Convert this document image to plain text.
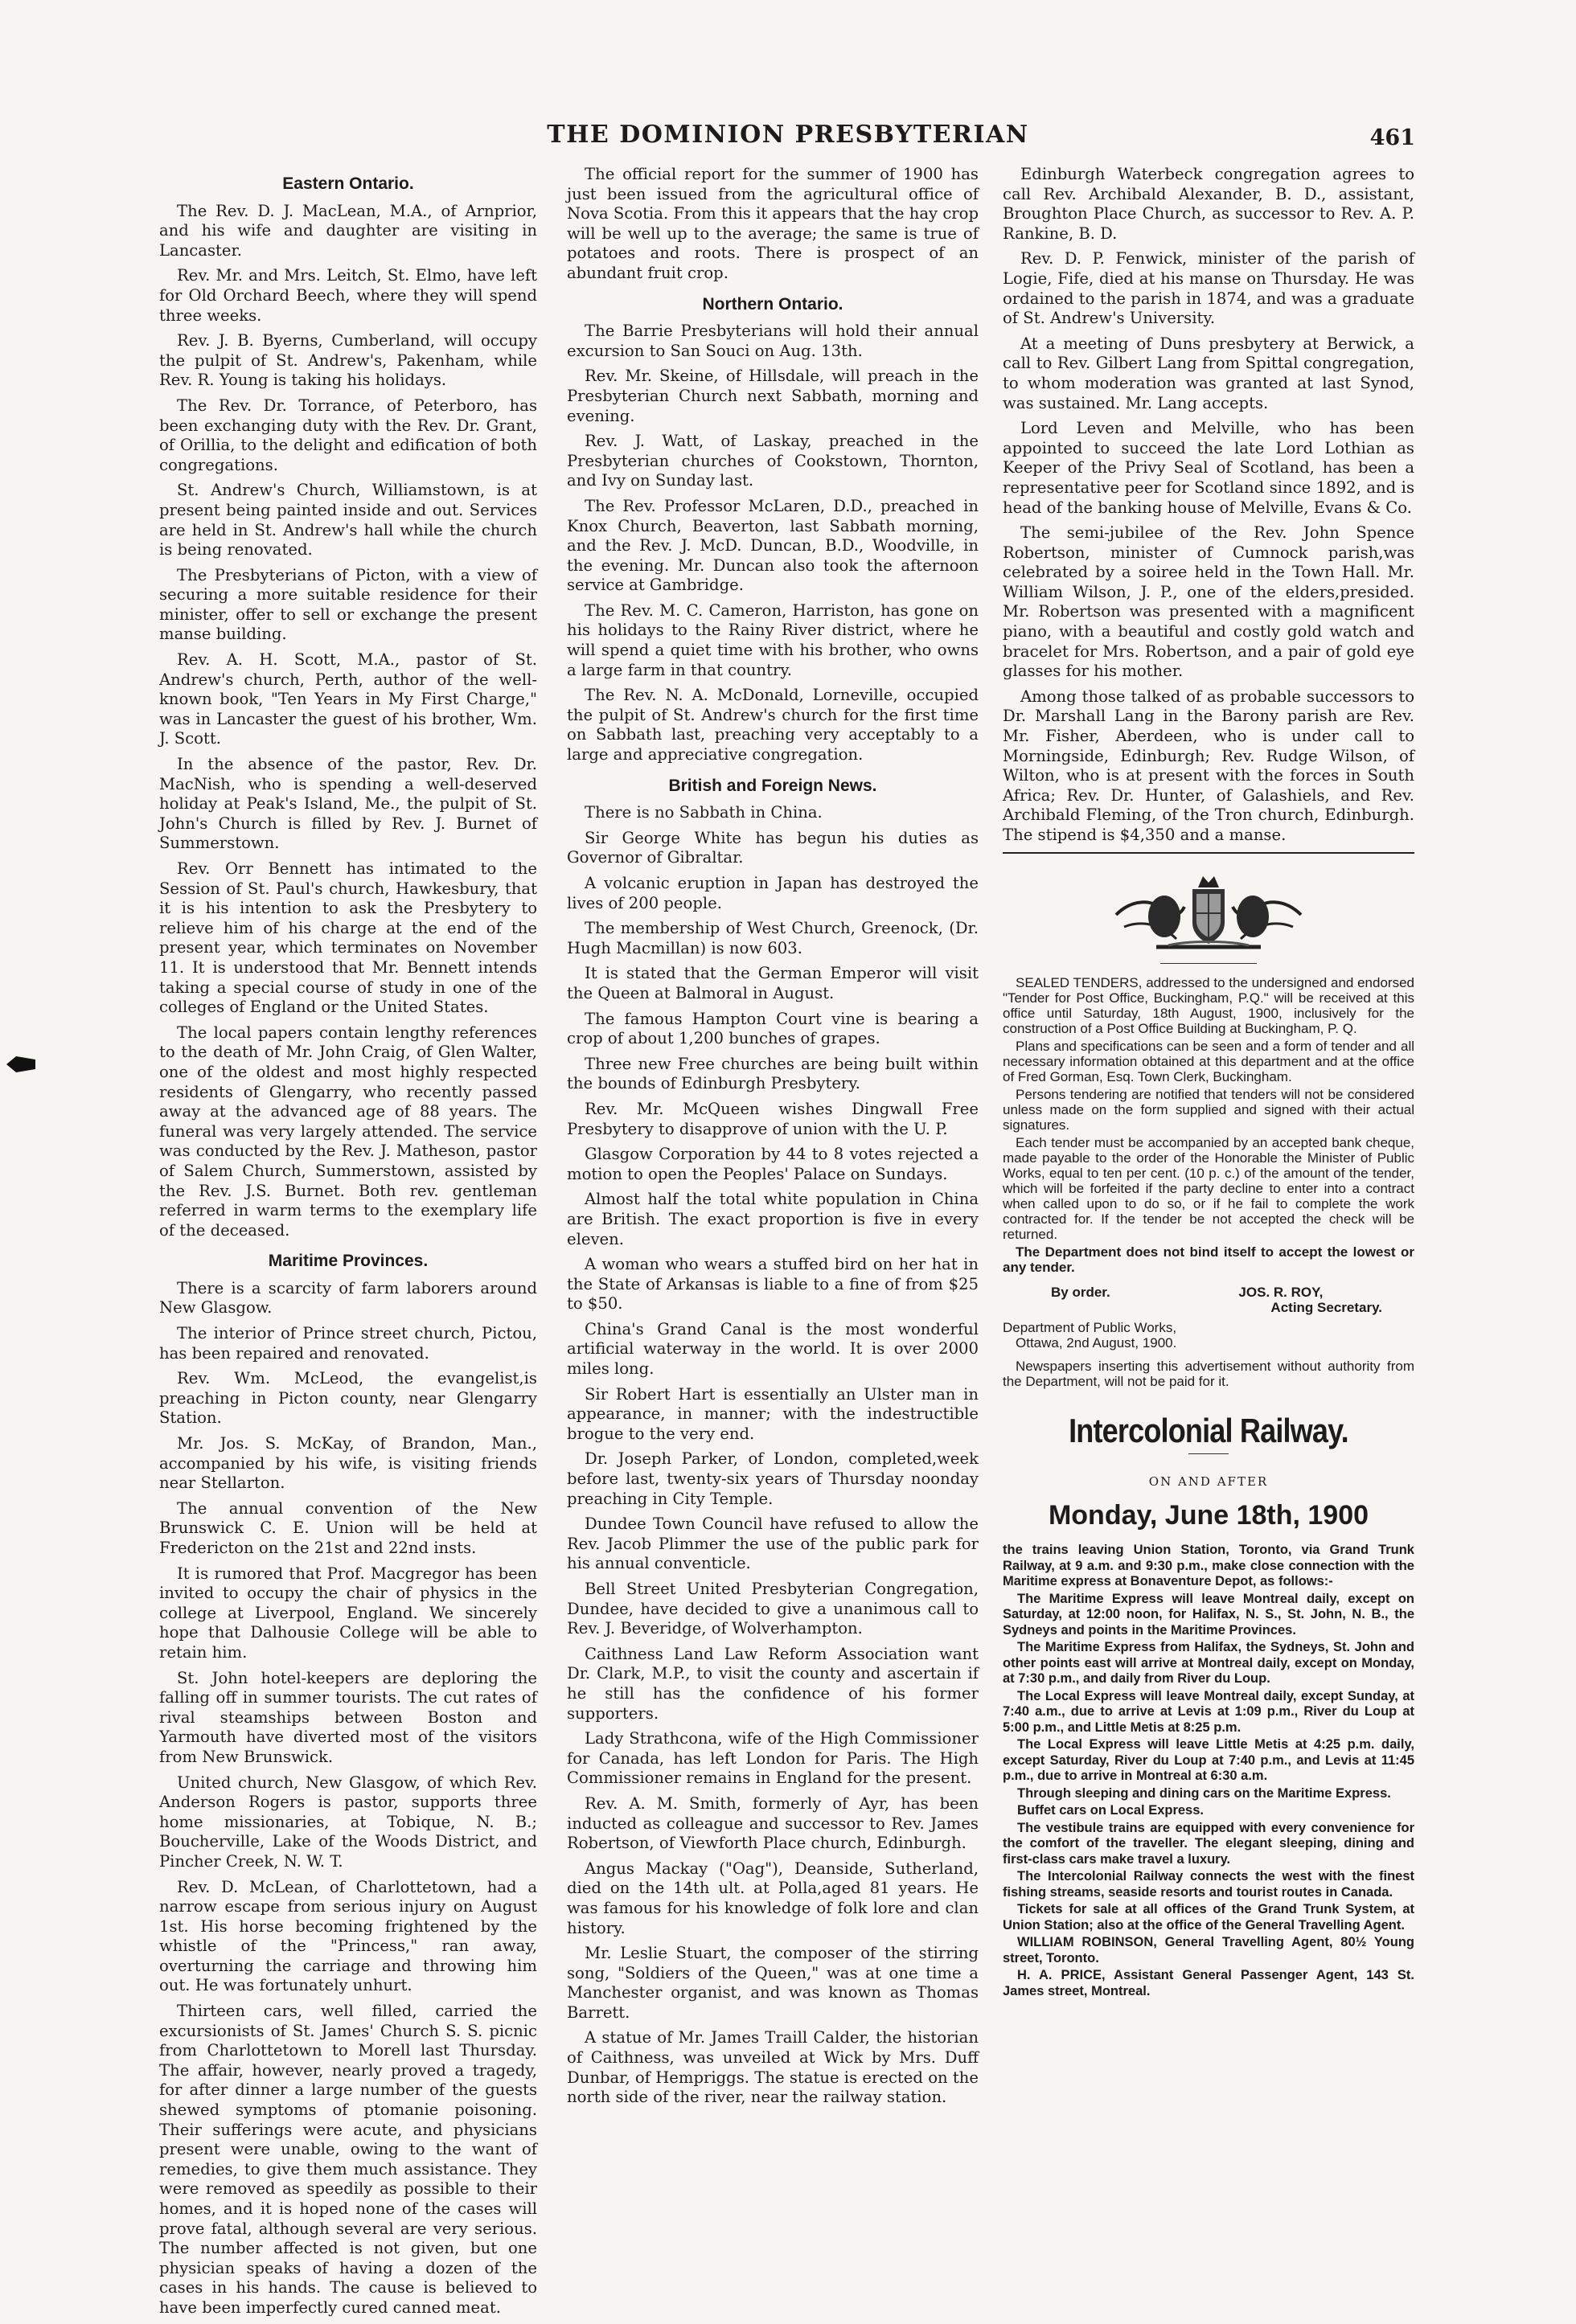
THE DOMINION PRESBYTERIAN	461
Eastern Ontario.

The Rev. D. J. MacLean, M.A., of Arnprior, and his wife and daughter are visiting in Lancaster.

Rev. Mr. and Mrs. Leitch, St. Elmo, have left for Old Orchard Beech, where they will spend three weeks.

Rev. J. B. Byerns, Cumberland, will occupy the pulpit of St. Andrew's, Pakenham, while Rev. R. Young is taking his holidays.

The Rev. Dr. Torrance, of Peterboro, has been exchanging duty with the Rev. Dr. Grant, of Orillia, to the delight and edification of both congregations.

St. Andrew's Church, Williamstown, is at present being painted inside and out. Services are held in St. Andrew's hall while the church is being renovated.

The Presbyterians of Picton, with a view of securing a more suitable residence for their minister, offer to sell or exchange the present manse building.

Rev. A. H. Scott, M.A., pastor of St. Andrew's church, Perth, author of the well-known book, "Ten Years in My First Charge," was in Lancaster the guest of his brother, Wm. J. Scott.

In the absence of the pastor, Rev. Dr. MacNish, who is spending a well-deserved holiday at Peak's Island, Me., the pulpit of St. John's Church is filled by Rev. J. Burnet of Summerstown.

Rev. Orr Bennett has intimated to the Session of St. Paul's church, Hawkesbury, that it is his intention to ask the Presbytery to relieve him of his charge at the end of the present year, which terminates on November 11. It is understood that Mr. Bennett intends taking a special course of study in one of the colleges of England or the United States.

The local papers contain lengthy references to the death of Mr. John Craig, of Glen Walter, one of the oldest and most highly respected residents of Glengarry, who recently passed away at the advanced age of 88 years. The funeral was very largely attended. The service was conducted by the Rev. J. Matheson, pastor of Salem Church, Summerstown, assisted by the Rev. J.S. Burnet. Both rev. gentleman referred in warm terms to the exemplary life of the deceased.

Maritime Provinces.

There is a scarcity of farm laborers around New Glasgow.

The interior of Prince street church, Pictou, has been repaired and renovated.

Rev. Wm. McLeod, the evangelist,is preaching in Picton county, near Glengarry Station.

Mr. Jos. S. McKay, of Brandon, Man., accompanied by his wife, is visiting friends near Stellarton.

The annual convention of the New Brunswick C. E. Union will be held at Fredericton on the 21st and 22nd insts.

It is rumored that Prof. Macgregor has been invited to occupy the chair of physics in the college at Liverpool, England. We sincerely hope that Dalhousie College will be able to retain him.

St. John hotel-keepers are deploring the falling off in summer tourists. The cut rates of rival steamships between Boston and Yarmouth have diverted most of the visitors from New Brunswick.

United church, New Glasgow, of which Rev. Anderson Rogers is pastor, supports three home missionaries, at Tobique, N. B.; Boucherville, Lake of the Woods District, and Pincher Creek, N. W. T.

Rev. D. McLean, of Charlottetown, had a narrow escape from serious injury on August 1st. His horse becoming frightened by the whistle of the "Princess," ran away, overturning the carriage and throwing him out. He was fortunately unhurt.

Thirteen cars, well filled, carried the excursionists of St. James' Church S. S. picnic from Charlottetown to Morell last Thursday. The affair, however, nearly proved a tragedy, for after dinner a large number of the guests shewed symptoms of ptomanie poisoning. Their sufferings were acute, and physicians present were unable, owing to the want of remedies, to give them much assistance. They were removed as speedily as possible to their homes, and it is hoped none of the cases will prove fatal, although several are very serious. The number affected is not given, but one physician speaks of having a dozen of the cases in his hands. The cause is believed to have been imperfectly cured canned meat.

The official report for the summer of 1900 has just been issued from the agricultural office of Nova Scotia. From this it appears that the hay crop will be well up to the average; the same is true of potatoes and roots. There is prospect of an abundant fruit crop.

Northern Ontario.

The Barrie Presbyterians will hold their annual excursion to San Souci on Aug. 13th.

Rev. Mr. Skeine, of Hillsdale, will preach in the Presbyterian Church next Sabbath, morning and evening.

Rev. J. Watt, of Laskay, preached in the Presbyterian churches of Cookstown, Thornton, and Ivy on Sunday last.

The Rev. Professor McLaren, D.D., preached in Knox Church, Beaverton, last Sabbath morning, and the Rev. J. McD. Duncan, B.D., Woodville, in the evening. Mr. Duncan also took the afternoon service at Gambridge.

The Rev. M. C. Cameron, Harriston, has gone on his holidays to the Rainy River district, where he will spend a quiet time with his brother, who owns a large farm in that country.

The Rev. N. A. McDonald, Lorneville, occupied the pulpit of St. Andrew's church for the first time on Sabbath last, preaching very acceptably to a large and appreciative congregation.

British and Foreign News.

There is no Sabbath in China.

Sir George White has begun his duties as Governor of Gibraltar.

A volcanic eruption in Japan has destroyed the lives of 200 people.

The membership of West Church, Greenock, (Dr. Hugh Macmillan) is now 603.

It is stated that the German Emperor will visit the Queen at Balmoral in August.

The famous Hampton Court vine is bearing a crop of about 1,200 bunches of grapes.

Three new Free churches are being built within the bounds of Edinburgh Presbytery.

Rev. Mr. McQueen wishes Dingwall Free Presbytery to disapprove of union with the U. P.

Glasgow Corporation by 44 to 8 votes rejected a motion to open the Peoples' Palace on Sundays.

Almost half the total white population in China are British. The exact proportion is five in every eleven.

A woman who wears a stuffed bird on her hat in the State of Arkansas is liable to a fine of from $25 to $50.

China's Grand Canal is the most wonderful artificial waterway in the world. It is over 2000 miles long.

Sir Robert Hart is essentially an Ulster man in appearance, in manner; with the indestructible brogue to the very end.

Dr. Joseph Parker, of London, completed,week before last, twenty-six years of Thursday noonday preaching in City Temple.

Dundee Town Council have refused to allow the Rev. Jacob Plimmer the use of the public park for his annual conventicle.

Bell Street United Presbyterian Congregation, Dundee, have decided to give a unanimous call to Rev. J. Beveridge, of Wolverhampton.

Caithness Land Law Reform Association want Dr. Clark, M.P., to visit the county and ascertain if he still has the confidence of his former supporters.

Lady Strathcona, wife of the High Commissioner for Canada, has left London for Paris. The High Commissioner remains in England for the present.

Rev. A. M. Smith, formerly of Ayr, has been inducted as colleague and successor to Rev. James Robertson, of Viewforth Place church, Edinburgh.

Angus Mackay ("Oag"), Deanside, Sutherland, died on the 14th ult. at Polla,aged 81 years. He was famous for his knowledge of folk lore and clan history.

Mr. Leslie Stuart, the composer of the stirring song, "Soldiers of the Queen," was at one time a Manchester organist, and was known as Thomas Barrett.

A statue of Mr. James Traill Calder, the historian of Caithness, was unveiled at Wick by Mrs. Duff Dunbar, of Hempriggs. The statue is erected on the north side of the river, near the railway station.

Edinburgh Waterbeck congregation agrees to call Rev. Archibald Alexander, B. D., assistant, Broughton Place Church, as successor to Rev. A. P. Rankine, B. D.

Rev. D. P. Fenwick, minister of the parish of Logie, Fife, died at his manse on Thursday. He was ordained to the parish in 1874, and was a graduate of St. Andrew's University.

At a meeting of Duns presbytery at Berwick, a call to Rev. Gilbert Lang from Spittal congregation, to whom moderation was granted at last Synod, was sustained. Mr. Lang accepts.

Lord Leven and Melville, who has been appointed to succeed the late Lord Lothian as Keeper of the Privy Seal of Scotland, has been a representative peer for Scotland since 1892, and is head of the banking house of Melville, Evans & Co.

The semi-jubilee of the Rev. John Spence Robertson, minister of Cumnock parish,was celebrated by a soiree held in the Town Hall. Mr. William Wilson, J. P., one of the elders,presided. Mr. Robertson was presented with a magnificent piano, with a beautiful and costly gold watch and bracelet for Mrs. Robertson, and a pair of gold eye glasses for his mother.

Among those talked of as probable successors to Dr. Marshall Lang in the Barony parish are Rev. Mr. Fisher, Aberdeen, who is under call to Morningside, Edinburgh; Rev. Rudge Wilson, of Wilton, who is at present with the forces in South Africa; Rev. Dr. Hunter, of Galashiels, and Rev. Archibald Fleming, of the Tron church, Edinburgh. The stipend is $4,350 and a manse.

SEALED TENDERS, addressed to the undersigned and endorsed "Tender for Post Office, Buckingham, P.Q." will be received at this office until Saturday, 18th August, 1900, inclusively for the construction of a Post Office Building at Buckingham, P. Q.

Plans and specifications can be seen and a form of tender and all necessary information obtained at this department and at the office of Fred Gorman, Esq. Town Clerk, Buckingham.

Persons tendering are notified that tenders will not be considered unless made on the form supplied and signed with their actual signatures.

Each tender must be accompanied by an accepted bank cheque, made payable to the order of the Honorable the Minister of Public Works, equal to ten per cent. (10 p. c.) of the amount of the tender, which will be forfeited if the party decline to enter into a contract when called upon to do so, or if he fail to complete the work contracted for. If the tender be not accepted the check will be returned.

The Department does not bind itself to accept the lowest or any tender.

By order.	JOS. R. ROY,
Acting Secretary.
Department of Public Works,
Ottawa, 2nd August, 1900.

Newspapers inserting this advertisement without authority from the Department, will not be paid for it.

Intercolonial Railway.
ON AND AFTER
Monday, June 18th, 1900

the trains leaving Union Station, Toronto, via Grand Trunk Railway, at 9 a.m. and 9:30 p.m., make close connection with the Maritime express at Bonaventure Depot, as follows:-

The Maritime Express will leave Montreal daily, except on Saturday, at 12:00 noon, for Halifax, N. S., St. John, N. B., the Sydneys and points in the Maritime Provinces.

The Maritime Express from Halifax, the Sydneys, St. John and other points east will arrive at Montreal daily, except on Monday, at 7:30 p.m., and daily from River du Loup.

The Local Express will leave Montreal daily, except Sunday, at 7:40 a.m., due to arrive at Levis at 1:09 p.m., River du Loup at 5:00 p.m., and Little Metis at 8:25 p.m.

The Local Express will leave Little Metis at 4:25 p.m. daily, except Saturday, River du Loup at 7:40 p.m., and Levis at 11:45 p.m., due to arrive in Montreal at 6:30 a.m.

Through sleeping and dining cars on the Maritime Express.

Buffet cars on Local Express.

The vestibule trains are equipped with every convenience for the comfort of the traveller. The elegant sleeping, dining and first-class cars make travel a luxury.

The Intercolonial Railway connects the west with the finest fishing streams, seaside resorts and tourist routes in Canada.

Tickets for sale at all offices of the Grand Trunk System, at Union Station; also at the office of the General Travelling Agent.

WILLIAM ROBINSON, General Travelling Agent, 80½ Young street, Toronto.

H. A. PRICE, Assistant General Passenger Agent, 143 St. James street, Montreal.
